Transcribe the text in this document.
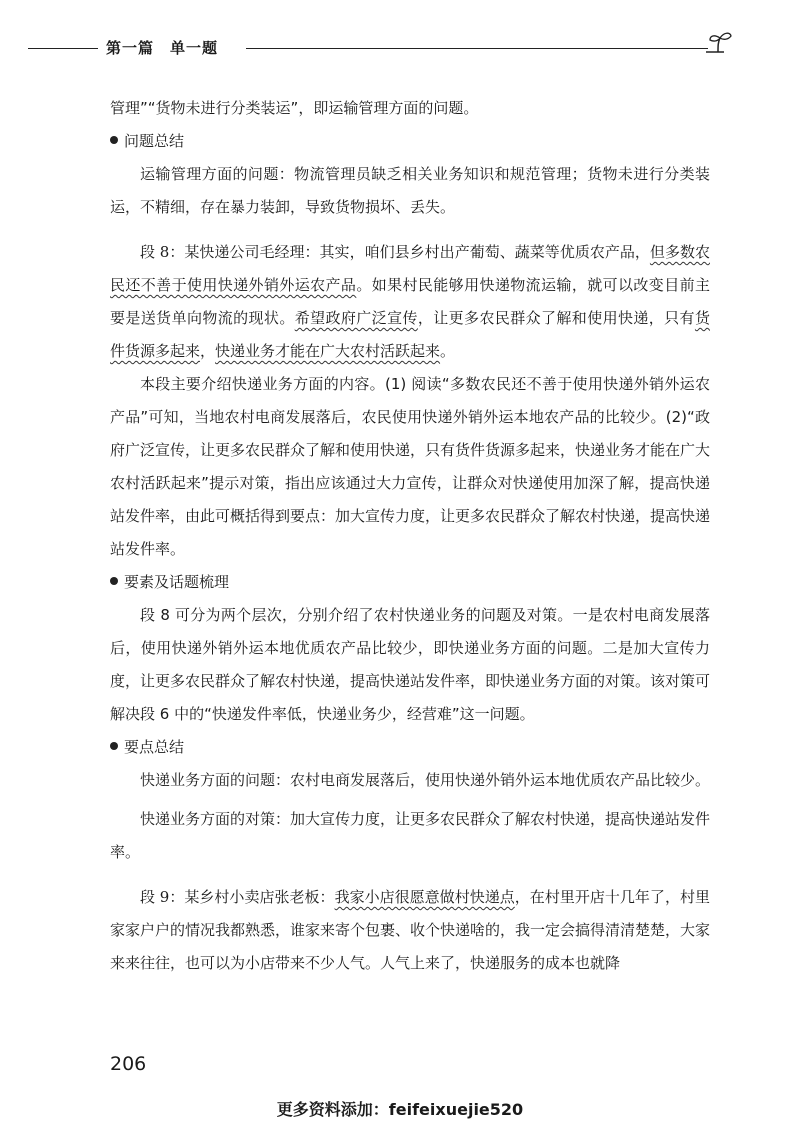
第一篇　单一题

管理”“货物未进行分类装运”，即运输管理方面的问题。

问题总结

运输管理方面的问题：物流管理员缺乏相关业务知识和规范管理；货物未进行分类装运，不精细，存在暴力装卸，导致货物损坏、丢失。

段 8：某快递公司毛经理：其实，咱们县乡村出产葡萄、蔬菜等优质农产品，但多数农民还不善于使用快递外销外运农产品。如果村民能够用快递物流运输，就可以改变目前主要是送货单向物流的现状。希望政府广泛宣传，让更多农民群众了解和使用快递，只有货件货源多起来，快递业务才能在广大农村活跃起来。

本段主要介绍快递业务方面的内容。(1) 阅读“多数农民还不善于使用快递外销外运农产品”可知，当地农村电商发展落后，农民使用快递外销外运本地农产品的比较少。(2)“政府广泛宣传，让更多农民群众了解和使用快递，只有货件货源多起来，快递业务才能在广大农村活跃起来”提示对策，指出应该通过大力宣传，让群众对快递使用加深了解，提高快递站发件率，由此可概括得到要点：加大宣传力度，让更多农民群众了解农村快递，提高快递站发件率。

要素及话题梳理

段 8 可分为两个层次，分别介绍了农村快递业务的问题及对策。一是农村电商发展落后，使用快递外销外运本地优质农产品比较少，即快递业务方面的问题。二是加大宣传力度，让更多农民群众了解农村快递，提高快递站发件率，即快递业务方面的对策。该对策可解决段 6 中的“快递发件率低，快递业务少，经营难”这一问题。

要点总结

快递业务方面的问题：农村电商发展落后，使用快递外销外运本地优质农产品比较少。

快递业务方面的对策：加大宣传力度，让更多农民群众了解农村快递，提高快递站发件率。

段 9：某乡村小卖店张老板：我家小店很愿意做村快递点，在村里开店十几年了，村里家家户户的情况我都熟悉，谁家来寄个包裹、收个快递啥的，我一定会搞得清清楚楚，大家来来往往，也可以为小店带来不少人气。人气上来了，快递服务的成本也就降

206
更多资料添加：feifeixuejie520
